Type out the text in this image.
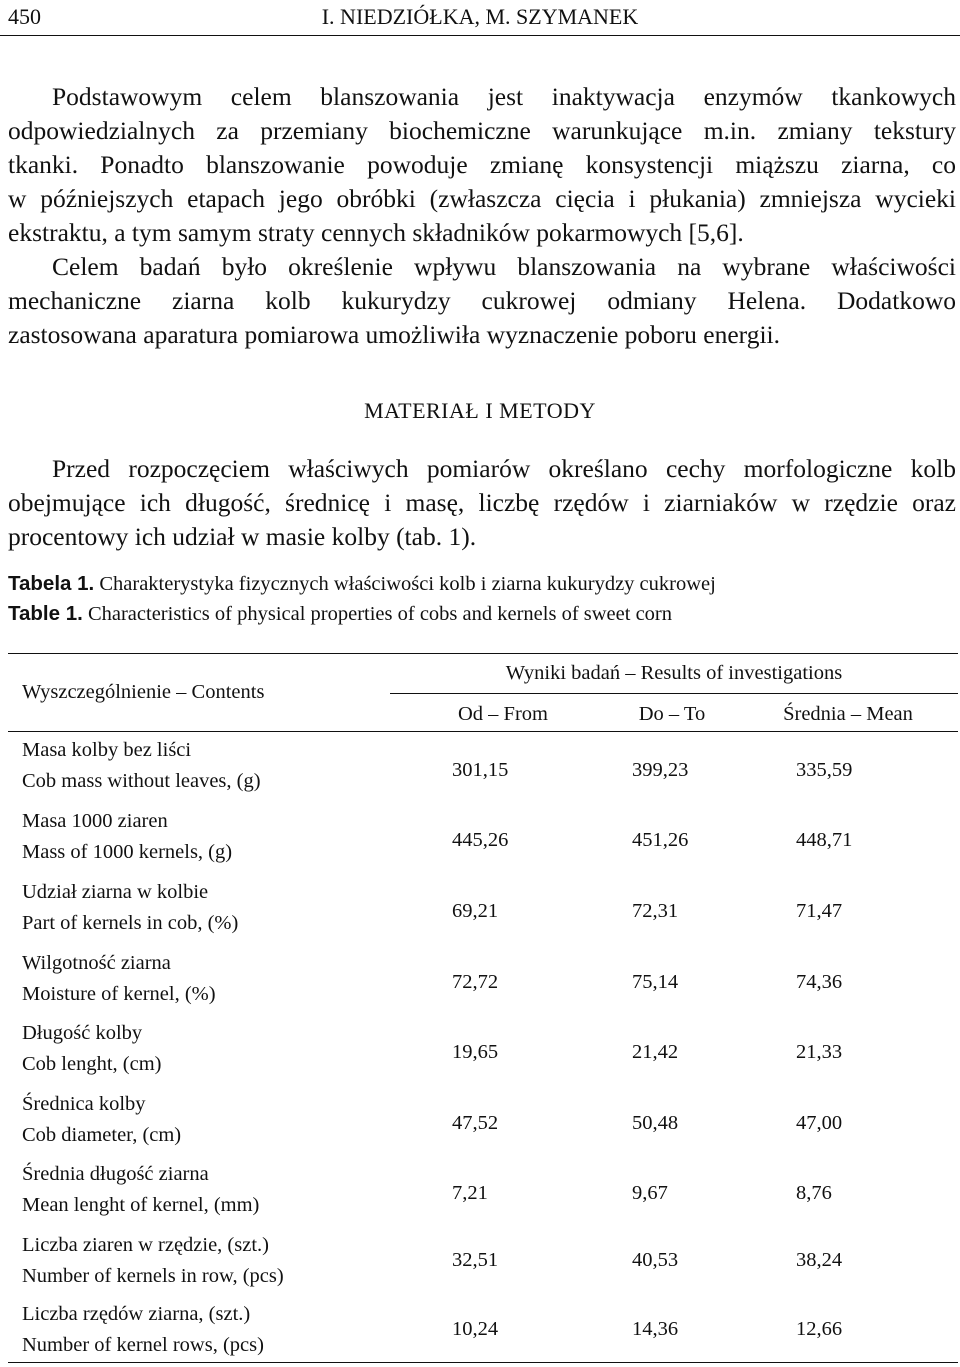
450	I. NIEDZIÓŁKA, M. SZYMANEK
Podstawowym celem blanszowania jest inaktywacja enzymów tkankowych
odpowiedzialnych za przemiany biochemiczne warunkujące m.in. zmiany tekstury
tkanki. Ponadto blanszowanie powoduje zmianę konsystencji miąższu ziarna, co
w późniejszych etapach jego obróbki (zwłaszcza cięcia i płukania) zmniejsza wycieki
ekstraktu, a tym samym straty cennych składników pokarmowych [5,6].
Celem badań było określenie wpływu blanszowania na wybrane właściwości
mechaniczne ziarna kolb kukurydzy cukrowej odmiany Helena. Dodatkowo
zastosowana aparatura pomiarowa umożliwiła wyznaczenie poboru energii.
MATERIAŁ I METODY
Przed rozpoczęciem właściwych pomiarów określano cechy morfologiczne kolb
obejmujące ich długość, średnicę i masę, liczbę rzędów i ziarniaków w rzędzie oraz
procentowy ich udział w masie kolby (tab. 1).
Tabela 1. Charakterystyka fizycznych właściwości kolb i ziarna kukurydzy cukrowej
Table 1. Characteristics of physical properties of cobs and kernels of sweet corn
Wyszczególnienie – Contents
Wyniki badań – Results of investigations
Od – From	Do – To	Średnia – Mean
Masa kolby bez liści
Cob mass without leaves, (g)	301,15	399,23	335,59
Masa 1000 ziaren
Mass of 1000 kernels, (g)
445,26	451,26	448,71
Udział ziarna w kolbie
Part of kernels in cob, (%)
69,21	72,31	71,47
Wilgotność ziarna
Moisture of kernel, (%)
72,72	75,14	74,36
Długość kolby
Cob lenght, (cm)
19,65	21,42	21,33
Średnica kolby
Cob diameter, (cm)
47,52	50,48	47,00
Średnia długość ziarna
Mean lenght of kernel, (mm)
7,21	9,67	8,76
Liczba ziaren w rzędzie, (szt.)
Number of kernels in row, (pcs)
32,51	40,53	38,24
Liczba rzędów ziarna, (szt.)
Number of kernel rows, (pcs)
10,24	14,36	12,66
